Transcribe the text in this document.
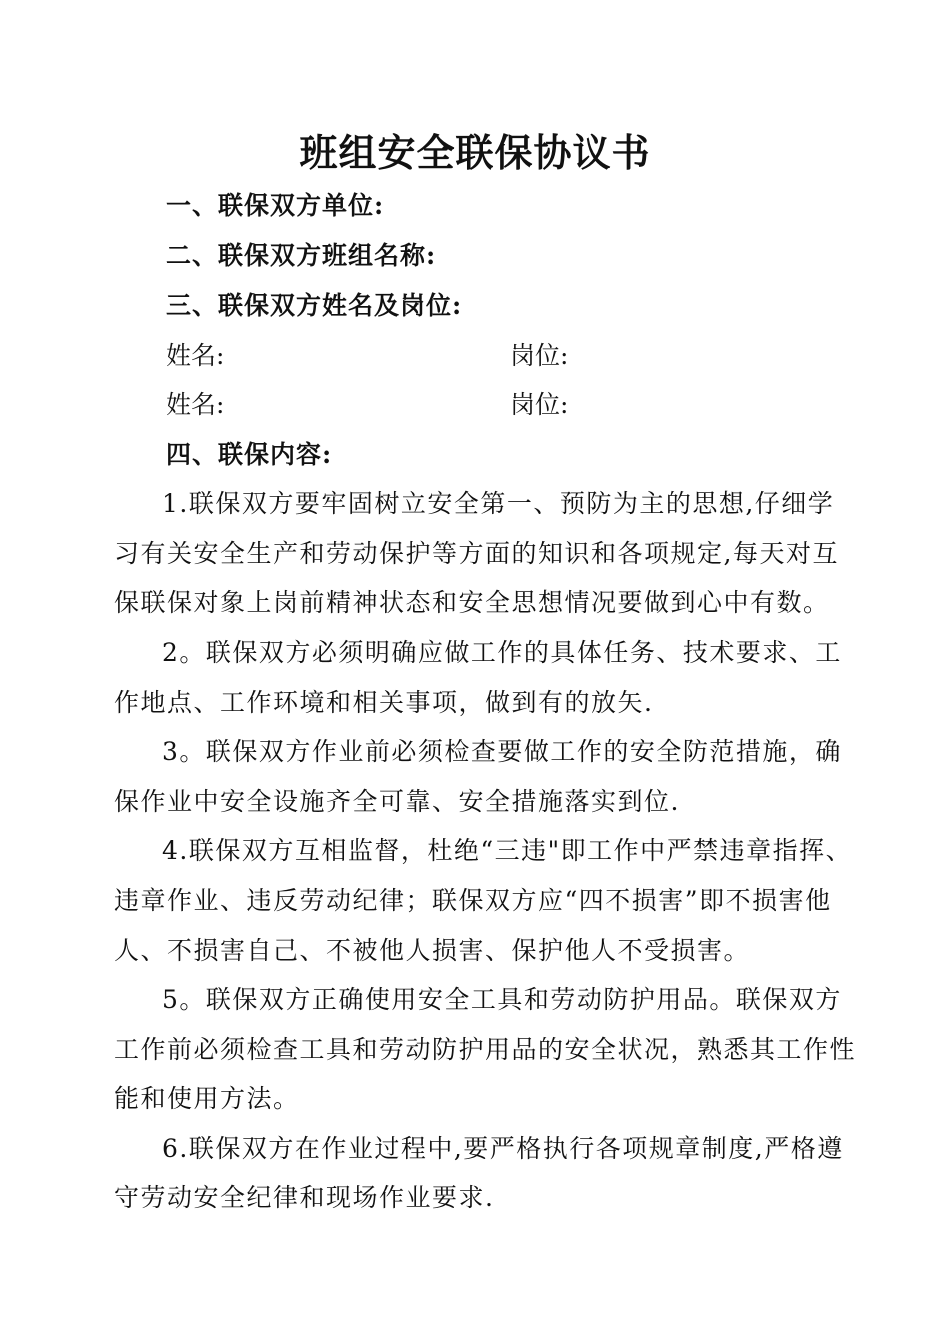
班组安全联保协议书
一、联保双方单位:
二、联保双方班组名称:
三、联保双方姓名及岗位:
姓名:	岗位:
姓名:	岗位:
四、联保内容:
1.联保双方要牢固树立安全第一、预防为主的思想,仔细学
习有关安全生产和劳动保护等方面的知识和各项规定,每天对互
保联保对象上岗前精神状态和安全思想情况要做到心中有数。
2。联保双方必须明确应做工作的具体任务、技术要求、工
作地点、工作环境和相关事项，做到有的放矢.
3。联保双方作业前必须检查要做工作的安全防范措施，确
保作业中安全设施齐全可靠、安全措施落实到位.
4.联保双方互相监督，杜绝“三违"即工作中严禁违章指挥、
违章作业、违反劳动纪律；联保双方应“四不损害”即不损害他
人、不损害自己、不被他人损害、保护他人不受损害。
5。联保双方正确使用安全工具和劳动防护用品。联保双方
工作前必须检查工具和劳动防护用品的安全状况，熟悉其工作性
能和使用方法。
6.联保双方在作业过程中,要严格执行各项规章制度,严格遵
守劳动安全纪律和现场作业要求.
